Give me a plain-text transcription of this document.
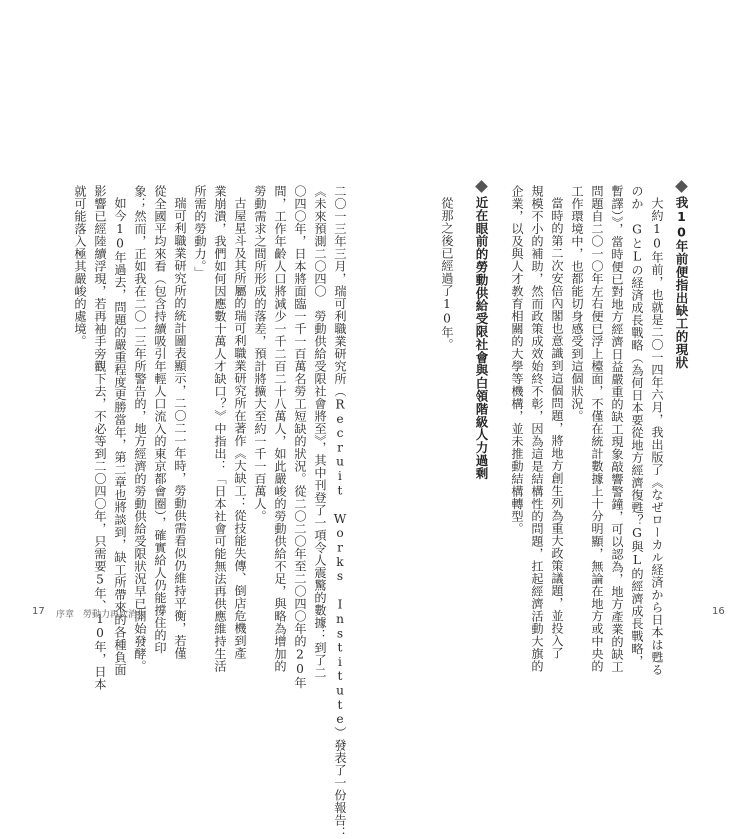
我10年前便指出缺工的現狀
大約10年前，也就是二〇一四年六月，我出版了《なぜローカル経済から日本は甦る
のか　GとLの経済成長戰略（為何日本要從地方經濟復甦？G與L的經濟成長戰略，
暫譯）》，當時便已對地方經濟日益嚴重的缺工現象敲響警鐘，可以認為，地方產業的缺工
問題自二〇一〇年左右便已浮上檯面，不僅在統計數據上十分明顯，無論在地方或中央的
工作環境中，也都能切身感受到這個狀況。
當時的第二次安倍內閣也意識到這個問題，將地方創生列為重大政策議題，並投入了
規模不小的補助，然而政策成效始終不彰，因為這是結構性的問題，扛起經濟活動大旗的
企業，以及與人才教育相關的大學等機構，並未推動結構轉型。
近在眼前的勞動供給受限社會與白領階級人力過剩
從那之後已經過了10年。
16
二〇一三年三月，瑞可利職業研究所（Recruit Works Institute）發表了一份報告：
《未來預測二〇四〇　勞動供給受限社會將至》，其中刊登了一項令人震驚的數據：到了二
〇四〇年，日本將面臨一千一百萬名勞工短缺的狀況。從二〇二〇年至二〇四〇年的20年
間，工作年齡人口將減少一千二百二十八萬人，如此嚴峻的勞動供給不足，與略為增加的
勞動需求之間所形成的落差，預計將擴大至約一千一百萬人。
古屋星斗及其所屬的瑞可利職業研究所在著作《大缺工：從技能失傳、倒店危機到產
業崩潰，我們如何因應數十萬人才缺口？》中指出：「日本社會可能無法再供應維持生活
所需的勞動力。」
瑞可利職業研究所的統計圖表顯示，二〇二一年時，勞動供需看似仍維持平衡，若僅
從全國平均來看（包含持續吸引年輕人口流入的東京都會圈），確實給人仍能撐住的印
象；然而，正如我在二〇一三年所警告的，地方經濟的勞動供給受限狀況早已開始發酵。
如今10年過去，問題的嚴重程度更勝當年，第二章也將談到，缺工所帶來的各種負面
影響已經陸續浮現，若再袖手旁觀下去，不必等到二〇四〇年，只需要5年、10年，日本
就可能落入極其嚴峻的處境。
17 序章　勞動力再次消失
